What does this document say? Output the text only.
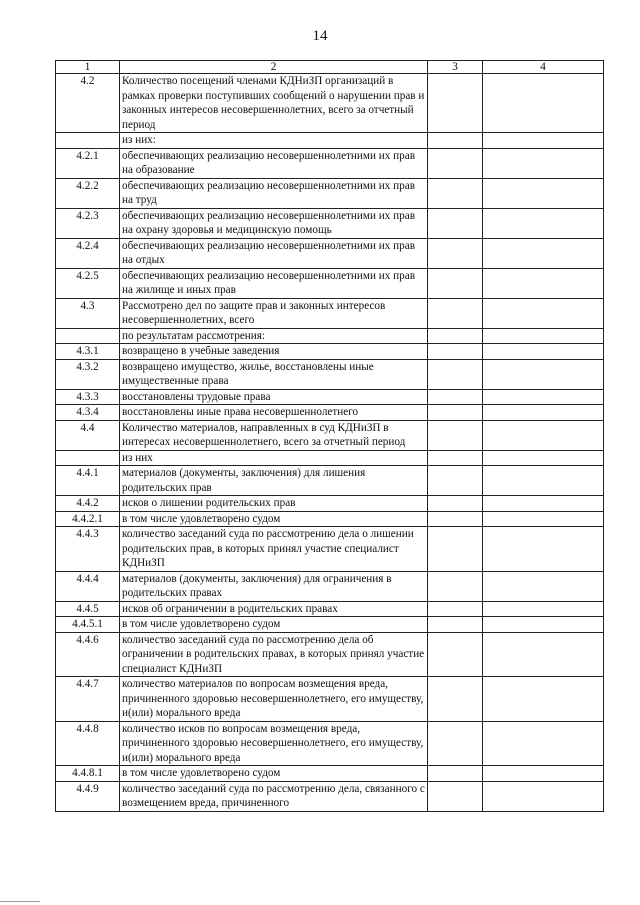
14
1	2	3	4
4.2	Количество посещений членами КДНиЗП организаций в рамках проверки поступивших сообщений о нарушении прав и законных интересов несовершеннолетних, всего за отчетный период		
	из них:		
4.2.1	обеспечивающих реализацию несовершеннолетними их прав на образование		
4.2.2	обеспечивающих реализацию несовершеннолетними их прав на труд		
4.2.3	обеспечивающих реализацию несовершеннолетними их прав на охрану здоровья и медицинскую помощь		
4.2.4	обеспечивающих реализацию несовершеннолетними их прав на отдых		
4.2.5	обеспечивающих реализацию несовершеннолетними их прав на жилище и иных прав		
4.3	Рассмотрено дел по защите прав и законных интересов несовершеннолетних, всего		
	по результатам рассмотрения:		
4.3.1	возвращено в учебные заведения		
4.3.2	возвращено имущество, жилье, восстановлены иные имущественные права		
4.3.3	восстановлены трудовые права		
4.3.4	восстановлены иные права несовершеннолетнего		
4.4	Количество материалов, направленных в суд КДНиЗП в интересах несовершеннолетнего, всего за отчетный период		
	из них		
4.4.1	материалов (документы, заключения) для лишения родительских прав		
4.4.2	исков о лишении родительских прав		
4.4.2.1	в том числе удовлетворено судом		
4.4.3	количество заседаний суда по рассмотрению дела о лишении родительских прав, в которых принял участие специалист КДНиЗП		
4.4.4	материалов (документы, заключения) для ограничения в родительских правах		
4.4.5	исков об ограничении в родительских правах		
4.4.5.1	в том числе удовлетворено судом		
4.4.6	количество заседаний суда по рассмотрению дела об ограничении в родительских правах, в которых принял участие специалист КДНиЗП		
4.4.7	количество материалов по вопросам возмещения вреда, причиненного здоровью несовершеннолетнего, его имуществу, и(или) морального вреда		
4.4.8	количество исков по вопросам возмещения вреда, причиненного здоровью несовершеннолетнего, его имуществу, и(или) морального вреда		
4.4.8.1	в том числе удовлетворено судом		
4.4.9	количество заседаний суда по рассмотрению дела, связанного с возмещением вреда, причиненного		
